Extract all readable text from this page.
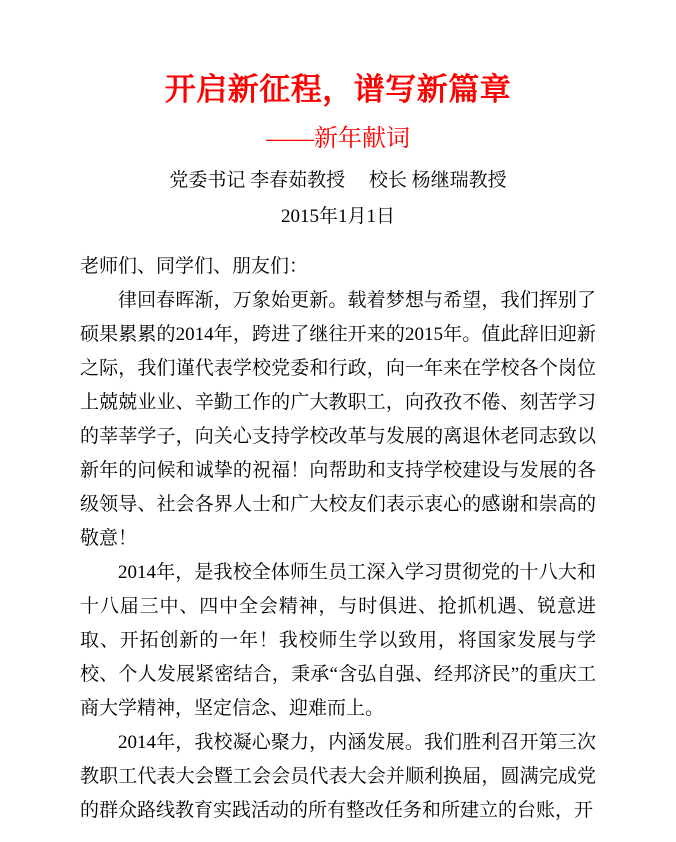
开启新征程，谱写新篇章
——新年献词
党委书记 李春茹教授　 校长 杨继瑞教授
2015年1月1日

老师们、同学们、朋友们：

律回春晖渐，万象始更新。载着梦想与希望，我们挥别了硕果累累的2014年，跨进了继往开来的2015年。值此辞旧迎新之际，我们谨代表学校党委和行政，向一年来在学校各个岗位上兢兢业业、辛勤工作的广大教职工，向孜孜不倦、刻苦学习的莘莘学子，向关心支持学校改革与发展的离退休老同志致以新年的问候和诚挚的祝福！向帮助和支持学校建设与发展的各级领导、社会各界人士和广大校友们表示衷心的感谢和崇高的敬意！

2014年，是我校全体师生员工深入学习贯彻党的十八大和十八届三中、四中全会精神，与时俱进、抢抓机遇、锐意进取、开拓创新的一年！我校师生学以致用，将国家发展与学校、个人发展紧密结合，秉承“含弘自强、经邦济民”的重庆工商大学精神，坚定信念、迎难而上。

2014年，我校凝心聚力，内涵发展。我们胜利召开第三次教职工代表大会暨工会会员代表大会并顺利换届，圆满完成党的群众路线教育实践活动的所有整改任务和所建立的台账，开
